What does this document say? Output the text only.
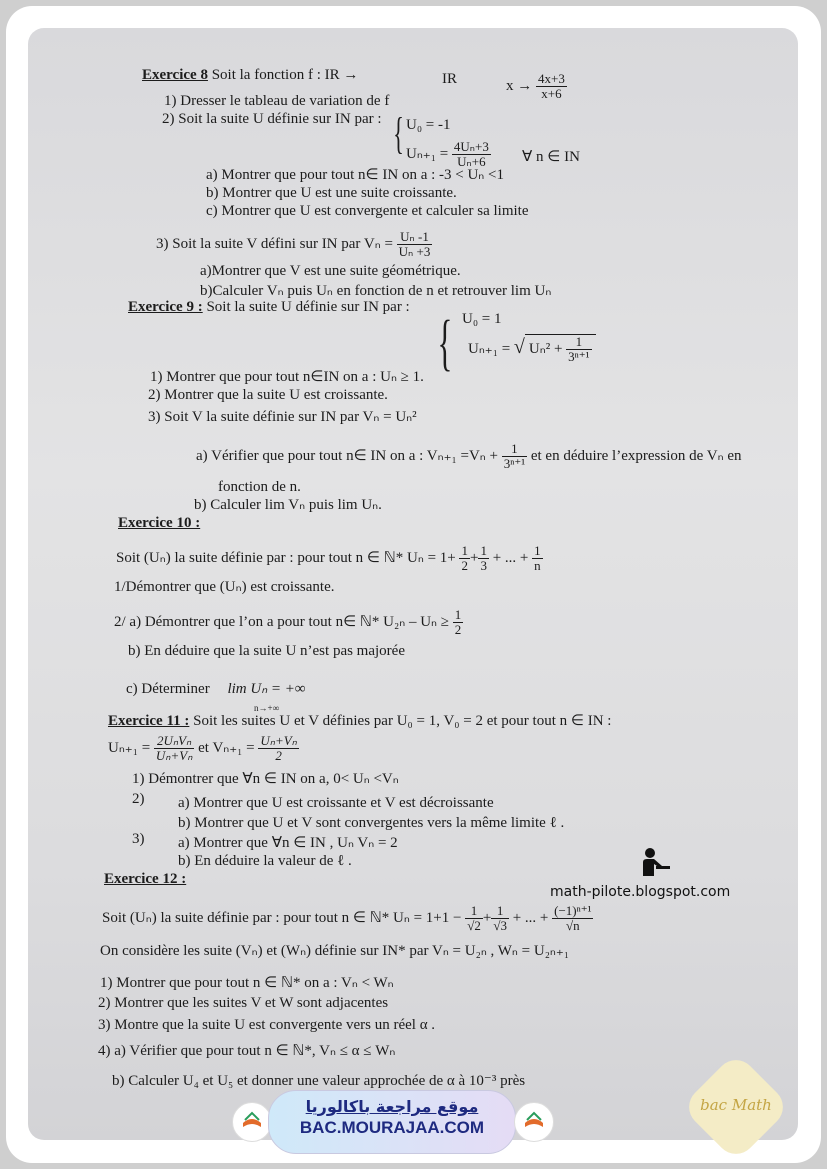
Exercice 8 Soit la fonction f : IR →	IR	$x \to \frac{4x+3}{x+6}$
1) Dresser le tableau de variation de f
2) Soit la suite U définie sur IN par : { U₀ = -1
$U_{n+1} = \frac{\text{4Uₙ+3}}{\text{Uₙ+6}}$ ∀ n ∈ IN
a) Montrer que pour tout n∈ IN on a : -3 < Uₙ <1
b) Montrer que U est une suite croissante.
c) Montrer que U est convergente et calculer sa limite
3) Soit la suite V défini sur IN par $V_n = \frac{\text{Uₙ -1}}{\text{Uₙ +3}}$
a)Montrer que V est une suite géométrique.
b)Calculer Vₙ puis Uₙ en fonction de n et retrouver lim Uₙ
Exercice 9 : Soit la suite U définie sur IN par :
{ U₀ = 1
Uₙ₊₁ = √ $U_n^2 + \frac{1}{\text{3ⁿ⁺¹}}$
1) Montrer que pour tout n∈IN on a : Uₙ ≥ 1.
2) Montrer que la suite U est croissante.
3) Soit V la suite définie sur IN par Vₙ = Uₙ²
a) Vérifier que pour tout n∈ IN on a : $V_{n+1} =V_n + \frac{1}{\text{3ⁿ⁺¹}}$ et en déduire l’expression de Vₙ en
fonction de n.
b) Calculer lim Vₙ puis lim Uₙ.
Exercice 10 :
Soit (Uₙ) la suite définie par : pour tout n ∈ ℕ* $U_n = 1+ \frac{1}{2} + \frac{1}{3}$ + ... + $\frac{1}{n}$
1/Démontrer que (Uₙ) est croissante.
2/ a) Démontrer que l’on a pour tout n∈ ℕ* $U_{2n} - U_n \ge \frac{1}{2}$
b) En déduire que la suite U n’est pas majorée
c) Déterminer lim Uₙ = +∞
n→+∞
Exercice 11 : Soit les suites U et V définies par U₀ = 1, V₀ = 2 et pour tout n ∈ IN :
$U_{n+1} = \frac{\text{2UₙVₙ}}{\text{Uₙ+Vₙ}}$ et $V_{n+1} = \frac{\text{Uₙ+Vₙ}}{2}$
1) Démontrer que ∀n ∈ IN on a, 0< Uₙ <Vₙ
2) a) Montrer que U est croissante et V est décroissante
b) Montrer que U et V sont convergentes vers la même limite ℓ .
3) a) Montrer que ∀n ∈ IN , Uₙ Vₙ = 2
b) En déduire la valeur de ℓ .
Exercice 12 :
Soit (Uₙ) la suite définie par : pour tout n ∈ ℕ* $U_n = 1+1 - \frac{1}{√2} + \frac{1}{√3}$ + ... + $\frac{\text{(−1)ⁿ⁺¹}}{√n}$
On considère les suite (Vₙ) et (Wₙ) définie sur IN* par Vₙ = U₂ₙ , Wₙ = U₂ₙ₊₁
1) Montrer que pour tout n ∈ ℕ* on a : Vₙ < Wₙ
2) Montrer que les suites V et W sont adjacentes
3) Montre que la suite U est convergente vers un réel α .
4) a) Vérifier que pour tout n ∈ ℕ*, Vₙ ≤ α ≤ Wₙ
b) Calculer U₄ et U₅ et donner une valeur approchée de α à 10⁻³ près
math-pilote.blogspot.com
موقع مراجعة باكالوريا
BAC.MOURAJAA.COM
bac Math
